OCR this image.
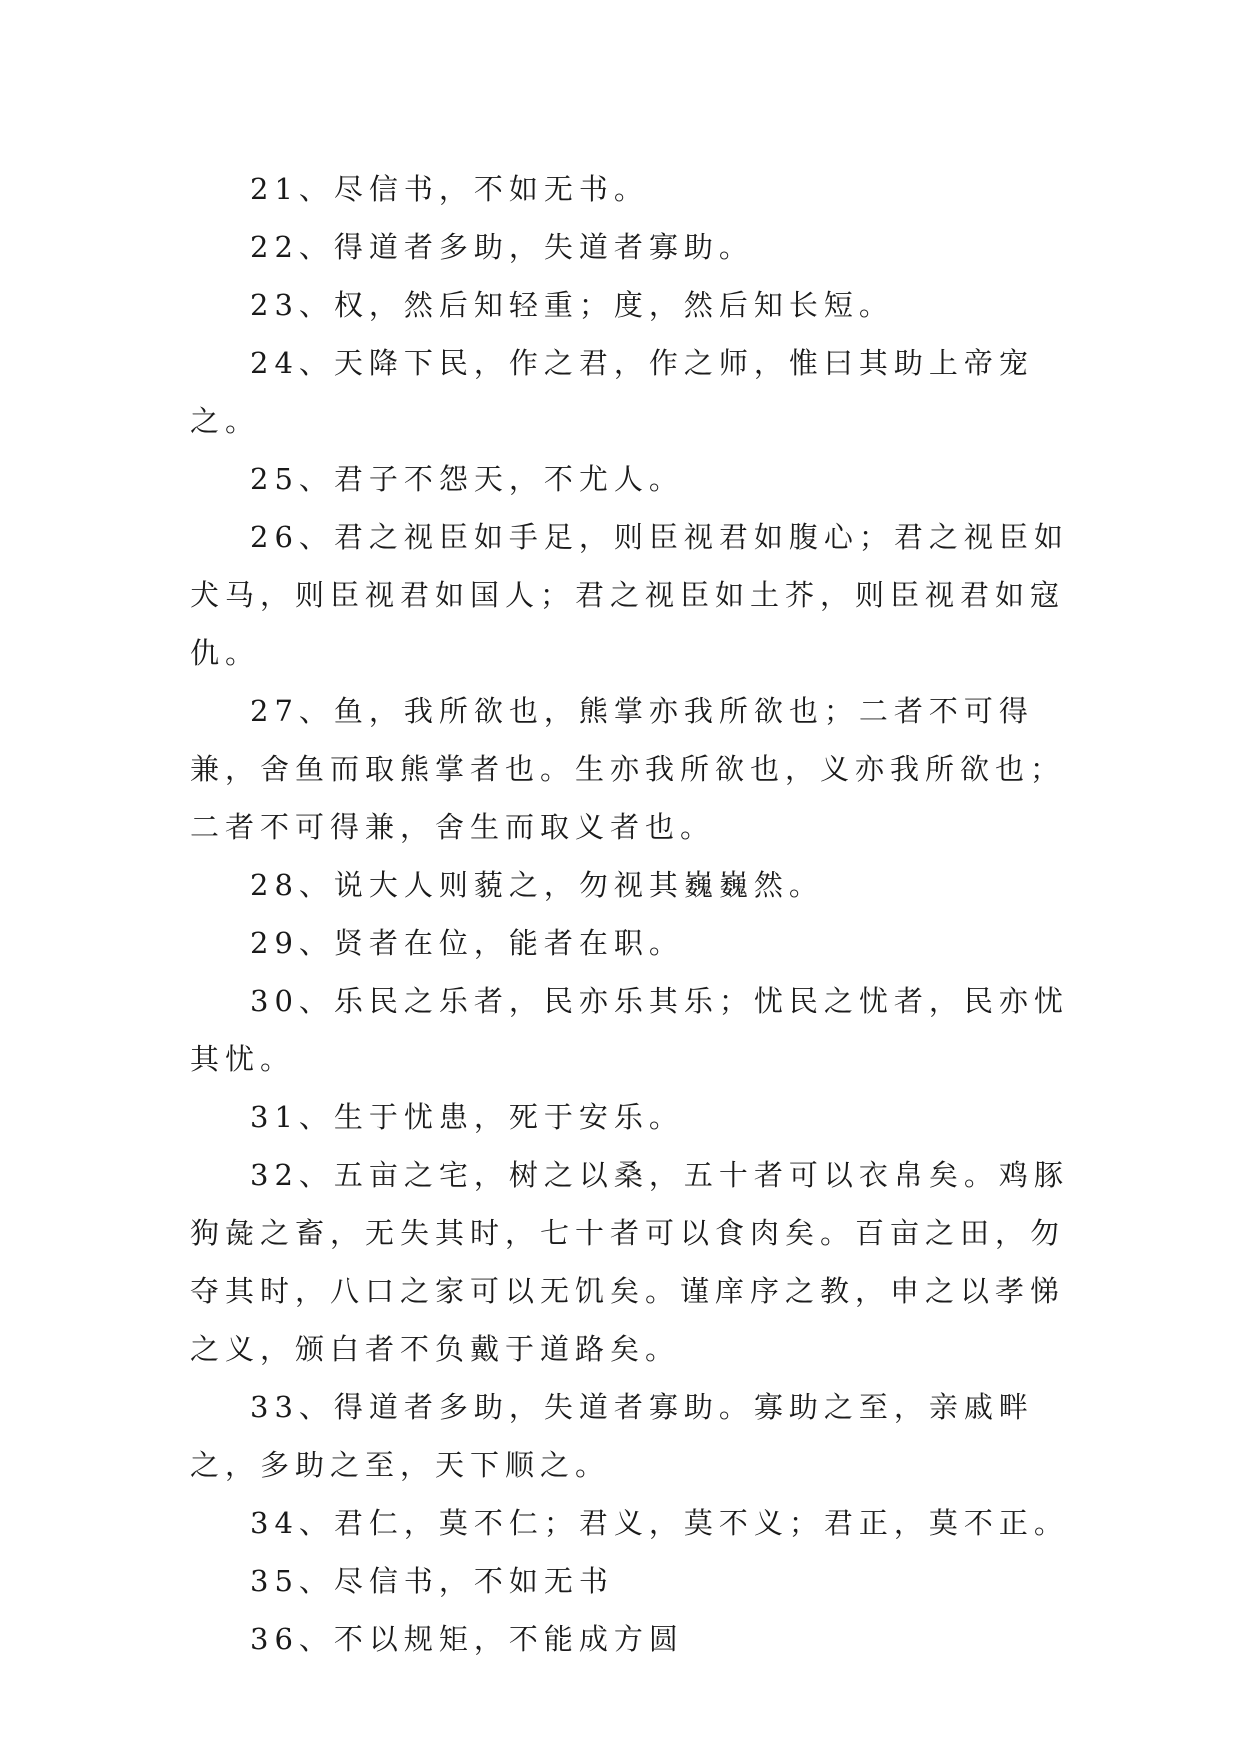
21、尽信书，不如无书。

22、得道者多助，失道者寡助。

23、权，然后知轻重；度，然后知长短。

24、天降下民，作之君，作之师，惟曰其助上帝宠之。

25、君子不怨天，不尤人。

26、君之视臣如手足，则臣视君如腹心；君之视臣如犬马，则臣视君如国人；君之视臣如土芥，则臣视君如寇仇。

27、鱼，我所欲也，熊掌亦我所欲也；二者不可得兼，舍鱼而取熊掌者也。生亦我所欲也，义亦我所欲也；二者不可得兼，舍生而取义者也。

28、说大人则藐之，勿视其巍巍然。

29、贤者在位，能者在职。

30、乐民之乐者，民亦乐其乐；忧民之忧者，民亦忧其忧。

31、生于忧患，死于安乐。

32、五亩之宅，树之以桑，五十者可以衣帛矣。鸡豚狗彘之畜，无失其时，七十者可以食肉矣。百亩之田，勿夺其时，八口之家可以无饥矣。谨庠序之教，申之以孝悌之义，颁白者不负戴于道路矣。

33、得道者多助，失道者寡助。寡助之至，亲戚畔之，多助之至，天下顺之。

34、君仁，莫不仁；君义，莫不义；君正，莫不正。

35、尽信书，不如无书

36、不以规矩，不能成方圆
